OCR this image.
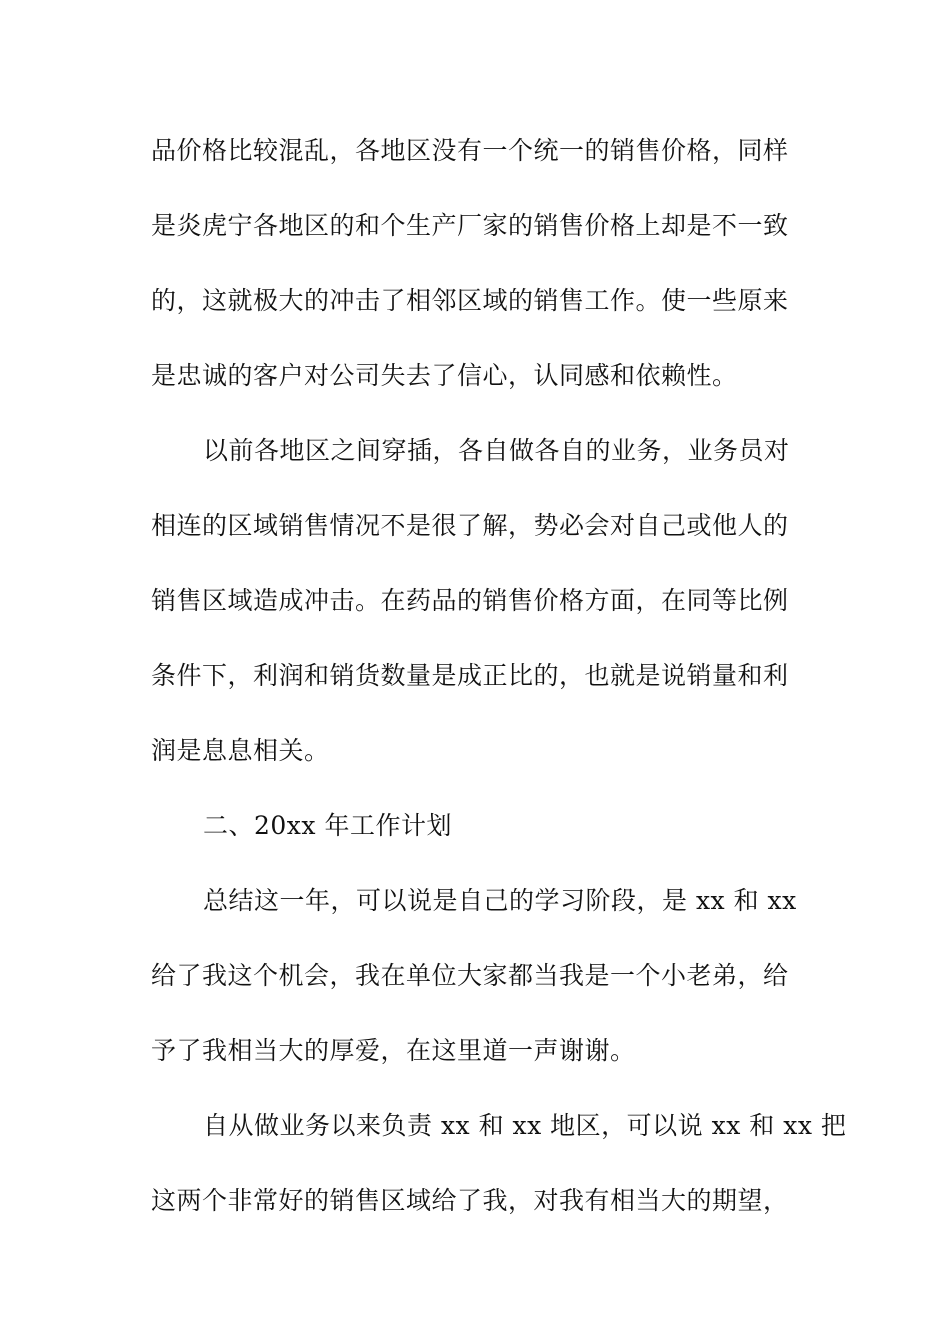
品价格比较混乱，各地区没有一个统一的销售价格，同样
是炎虎宁各地区的和个生产厂家的销售价格上却是不一致
的，这就极大的冲击了相邻区域的销售工作。使一些原来
是忠诚的客户对公司失去了信心，认同感和依赖性。
以前各地区之间穿插，各自做各自的业务，业务员对
相连的区域销售情况不是很了解，势必会对自己或他人的
销售区域造成冲击。在药品的销售价格方面，在同等比例
条件下，利润和销货数量是成正比的，也就是说销量和利
润是息息相关。
二、20xx 年工作计划
总结这一年，可以说是自己的学习阶段，是 xx 和 xx
给了我这个机会，我在单位大家都当我是一个小老弟，给
予了我相当大的厚爱，在这里道一声谢谢。
自从做业务以来负责 xx 和 xx 地区，可以说 xx 和 xx 把
这两个非常好的销售区域给了我，对我有相当大的期望，
